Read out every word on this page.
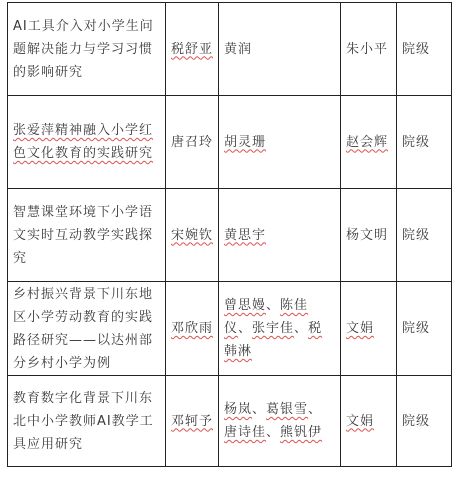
AI工具介入对小学生问题解决能力与学习习惯的影响研究	税舒亚	黄润	朱小平	院级
张爱萍精神融入小学红色文化教育的实践研究	唐召玲	胡灵珊	赵会辉	院级
智慧课堂环境下小学语文实时互动教学实践探究	宋婉钦	黄思宇	杨文明	院级
乡村振兴背景下川东地区小学劳动教育的实践路径研究——以达州部分乡村小学为例	邓欣雨	曾思嫚、陈佳仪、张宇佳、税韩淋	文娟	院级
教育数字化背景下川东北中小学教师AI教学工具应用研究	邓轲予	杨岚、葛银雪、唐诗佳、熊钒伊	文娟	院级
